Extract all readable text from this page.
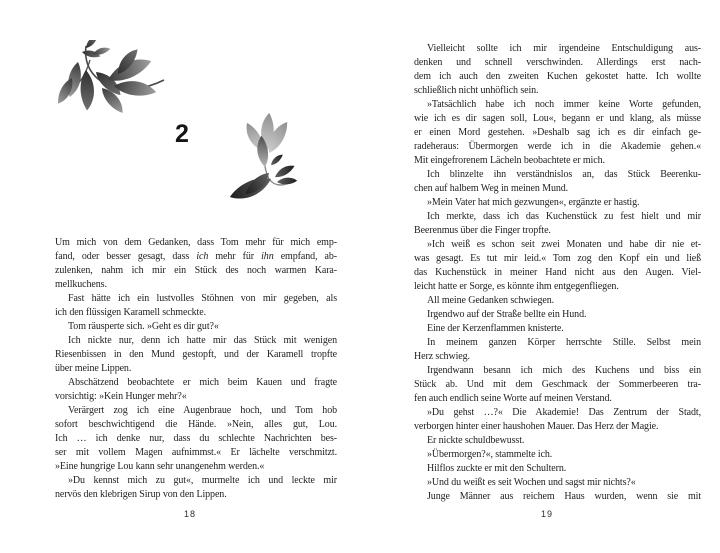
2
Um mich von dem Gedanken, dass Tom mehr für mich emp-
fand, oder besser gesagt, dass ich mehr für ihn empfand, ab-
zulenken, nahm ich mir ein Stück des noch warmen Kara-
mellkuchens.
Fast hätte ich ein lustvolles Stöhnen von mir gegeben, als
ich den flüssigen Karamell schmeckte.
Tom räusperte sich. »Geht es dir gut?«
Ich nickte nur, denn ich hatte mir das Stück mit wenigen
Riesenbissen in den Mund gestopft, und der Karamell tropfte
über meine Lippen.
Abschätzend beobachtete er mich beim Kauen und fragte
vorsichtig: »Kein Hunger mehr?«
Verärgert zog ich eine Augenbraue hoch, und Tom hob
sofort beschwichtigend die Hände. »Nein, alles gut, Lou.
Ich … ich denke nur, dass du schlechte Nachrichten bes-
ser mit vollem Magen aufnimmst.« Er lächelte verschmitzt.
»Eine hungrige Lou kann sehr unangenehm werden.«
»Du kennst mich zu gut«, murmelte ich und leckte mir
nervös den klebrigen Sirup von den Lippen.
Vielleicht sollte ich mir irgendeine Entschuldigung aus-
denken und schnell verschwinden. Allerdings erst nach-
dem ich auch den zweiten Kuchen gekostet hatte. Ich wollte
schließlich nicht unhöflich sein.
»Tatsächlich habe ich noch immer keine Worte gefunden,
wie ich es dir sagen soll, Lou«, begann er und klang, als müsse
er einen Mord gestehen. »Deshalb sag ich es dir einfach ge-
radeheraus: Übermorgen werde ich in die Akademie gehen.«
Mit eingefrorenem Lächeln beobachtete er mich.
Ich blinzelte ihn verständnislos an, das Stück Beerenku-
chen auf halbem Weg in meinen Mund.
»Mein Vater hat mich gezwungen«, ergänzte er hastig.
Ich merkte, dass ich das Kuchenstück zu fest hielt und mir
Beerenmus über die Finger tropfte.
»Ich weiß es schon seit zwei Monaten und habe dir nie et-
was gesagt. Es tut mir leid.« Tom zog den Kopf ein und ließ
das Kuchenstück in meiner Hand nicht aus den Augen. Viel-
leicht hatte er Sorge, es könnte ihm entgegenfliegen.
All meine Gedanken schwiegen.
Irgendwo auf der Straße bellte ein Hund.
Eine der Kerzenflammen knisterte.
In meinem ganzen Körper herrschte Stille. Selbst mein
Herz schwieg.
Irgendwann besann ich mich des Kuchens und biss ein
Stück ab. Und mit dem Geschmack der Sommerbeeren tra-
fen auch endlich seine Worte auf meinen Verstand.
»Du gehst …?« Die Akademie! Das Zentrum der Stadt,
verborgen hinter einer haushohen Mauer. Das Herz der Magie.
Er nickte schuldbewusst.
»Übermorgen?«, stammelte ich.
Hilflos zuckte er mit den Schultern.
»Und du weißt es seit Wochen und sagst mir nichts?«
Junge Männer aus reichem Haus wurden, wenn sie mit
18	19
